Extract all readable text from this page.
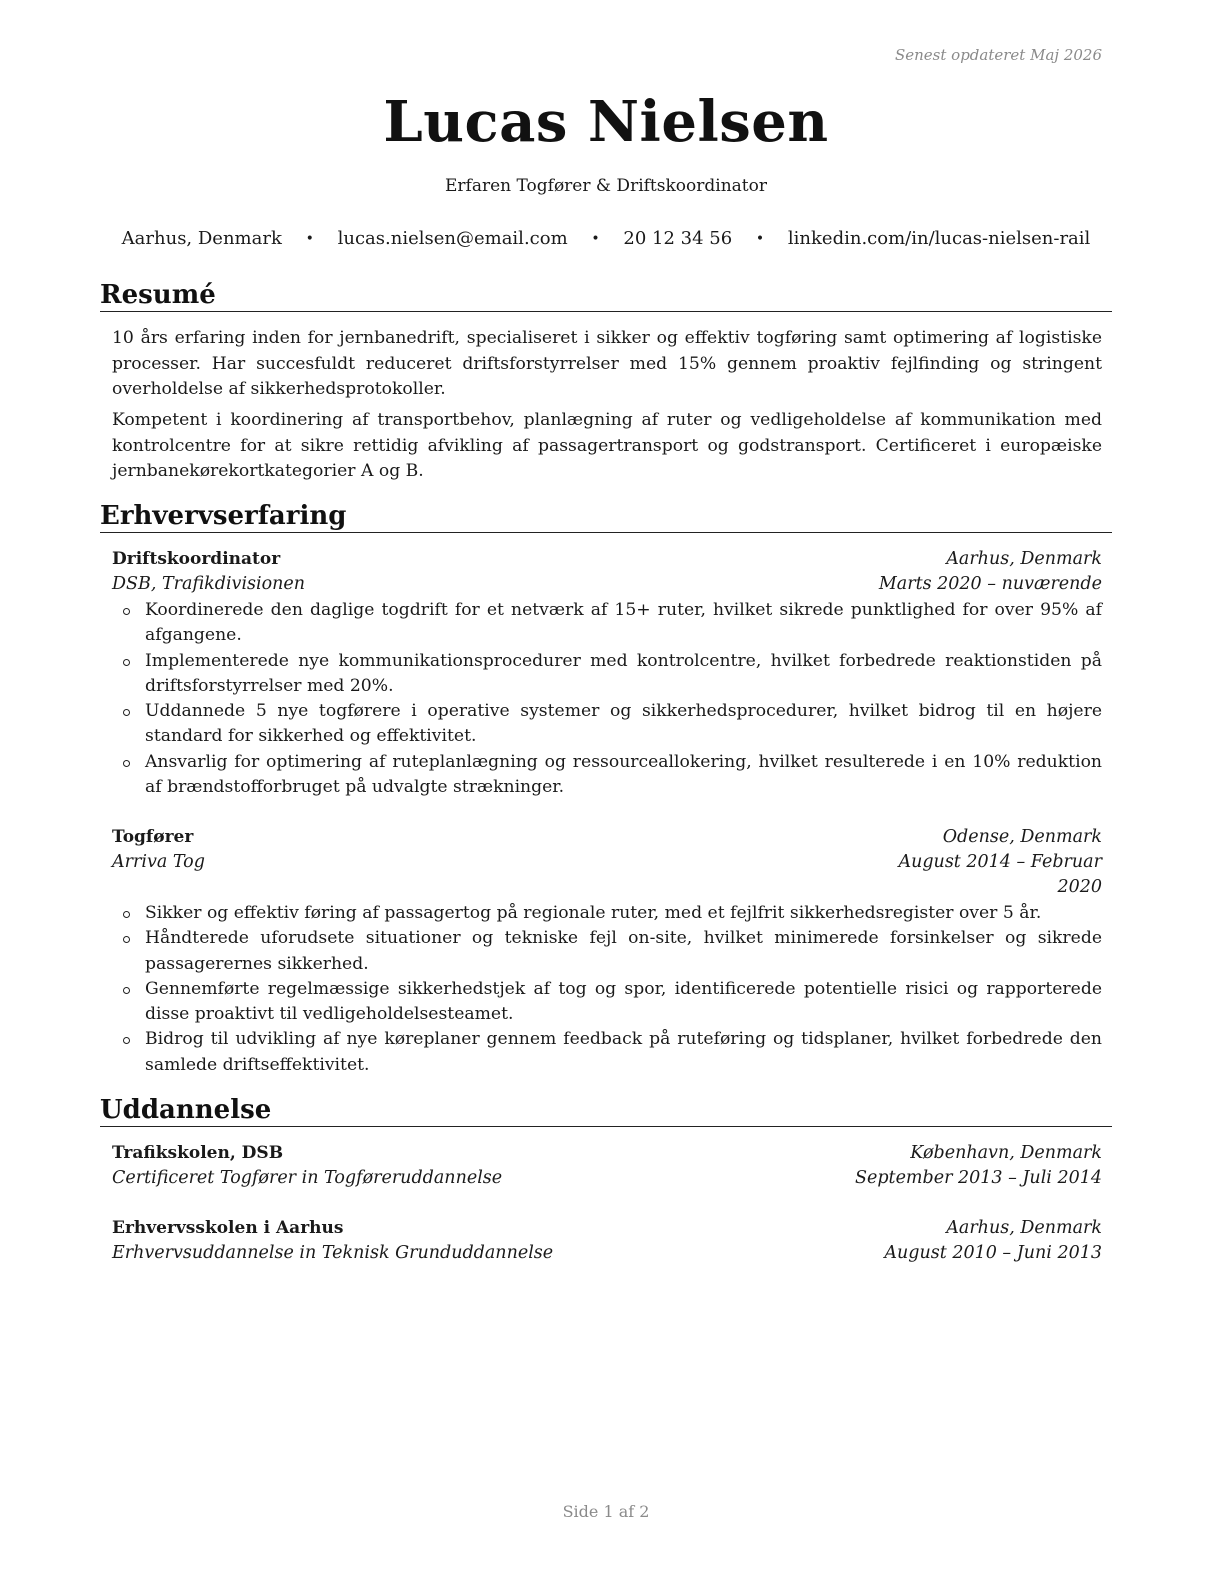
Senest opdateret Maj 2026
Lucas Nielsen
Erfaren Togfører & Driftskoordinator
Aarhus, Denmark • lucas.nielsen@email.com • 20 12 34 56 • linkedin.com/in/lucas-nielsen-rail
Resumé
10 års erfaring inden for jernbanedrift, specialiseret i sikker og effektiv togføring samt optimering af logistiske processer. Har succesfuldt reduceret driftsforstyrrelser med 15% gennem proaktiv fejlfinding og stringent overholdelse af sikkerhedsprotokoller.
Kompetent i koordinering af transportbehov, planlægning af ruter og vedligeholdelse af kommunikation med kontrolcentre for at sikre rettidig afvikling af passagertransport og godstransport. Certificeret i europæiske jernbanekørekortkategorier A og B.
Erhvervserfaring
Driftskoordinator	Aarhus, Denmark
DSB, Trafikdivisionen	Marts 2020 – nuværende
Koordinerede den daglige togdrift for et netværk af 15+ ruter, hvilket sikrede punktlighed for over 95% af afgangene.
Implementerede nye kommunikationsprocedurer med kontrolcentre, hvilket forbedrede reaktionstiden på driftsforstyrrelser med 20%.
Uddannede 5 nye togførere i operative systemer og sikkerhedsprocedurer, hvilket bidrog til en højere standard for sikkerhed og effektivitet.
Ansvarlig for optimering af ruteplanlægning og ressourceallokering, hvilket resulterede i en 10% reduktion af brændstofforbruget på udvalgte strækninger.
Togfører	Odense, Denmark
Arriva Tog	August 2014 – Februar
2020
Sikker og effektiv føring af passagertog på regionale ruter, med et fejlfrit sikkerhedsregister over 5 år.
Håndterede uforudsete situationer og tekniske fejl on-site, hvilket minimerede forsinkelser og sikrede passagerernes sikkerhed.
Gennemførte regelmæssige sikkerhedstjek af tog og spor, identificerede potentielle risici og rapporterede disse proaktivt til vedligeholdelsesteamet.
Bidrog til udvikling af nye køreplaner gennem feedback på ruteføring og tidsplaner, hvilket forbedrede den samlede driftseffektivitet.
Uddannelse
Trafikskolen, DSB	København, Denmark
Certificeret Togfører in Togføreruddannelse	September 2013 – Juli 2014
Erhvervsskolen i Aarhus	Aarhus, Denmark
Erhvervsuddannelse in Teknisk Grunduddannelse	August 2010 – Juni 2013
Side 1 af 2
